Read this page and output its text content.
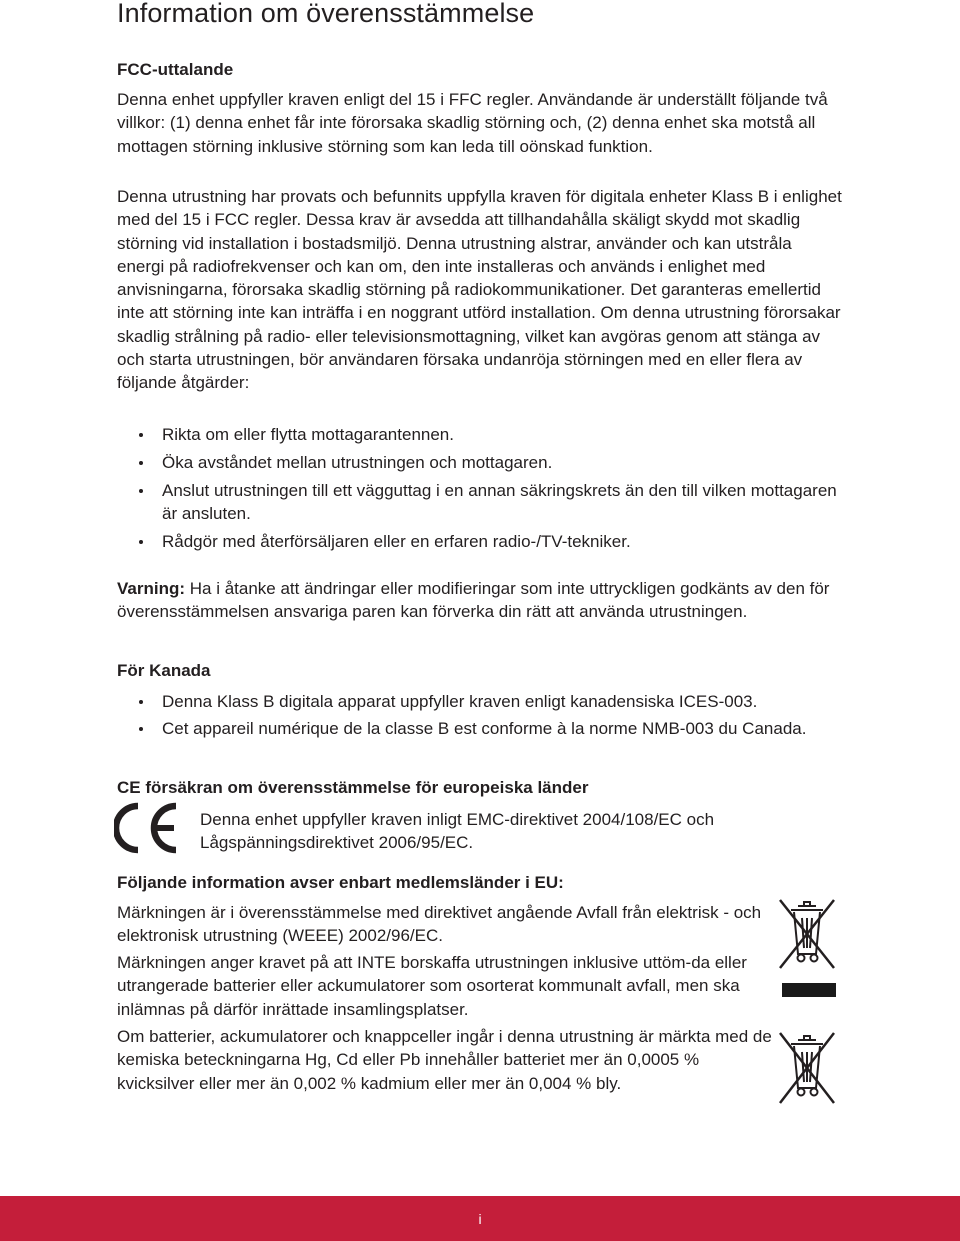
Information om överensstämmelse
FCC-uttalande
Denna enhet uppfyller kraven enligt del 15 i FFC regler. Användande är underställt följande två villkor: (1) denna enhet får inte förorsaka skadlig störning och, (2) denna enhet ska motstå all mottagen störning inklusive störning som kan leda till oönskad funktion.
Denna utrustning har provats och befunnits uppfylla kraven för digitala enheter Klass B i enlighet med del 15 i FCC regler. Dessa krav är avsedda att tillhandahålla skäligt skydd mot skadlig störning vid installation i bostadsmiljö. Denna utrustning alstrar, använder och kan utstråla energi på radiofrekvenser och kan om, den inte installeras och används i enlighet med anvisningarna, förorsaka skadlig störning på radiokommunikationer. Det garanteras emellertid inte att störning inte kan inträffa i en noggrant utförd installation. Om denna utrustning förorsakar skadlig strålning på radio- eller televisionsmottagning, vilket kan avgöras genom att stänga av och starta utrustningen, bör användaren försaka undanröja störningen med en eller flera av följande åtgärder:
Rikta om eller flytta mottagarantennen.
Öka avståndet mellan utrustningen och mottagaren.
Anslut utrustningen till ett vägguttag i en annan säkringskrets än den till vilken mottagaren är ansluten.
Rådgör med återförsäljaren eller en erfaren radio-/TV-tekniker.
Varning: Ha i åtanke att ändringar eller modifieringar som inte uttryckligen godkänts av den för överensstämmelsen ansvariga paren kan förverka din rätt att använda utrustningen.
För Kanada
Denna Klass B digitala apparat uppfyller kraven enligt kanadensiska ICES-003.
Cet appareil numérique de la classe B est conforme à la norme NMB-003 du Canada.
CE försäkran om överensstämmelse för europeiska länder
Denna enhet uppfyller kraven inligt EMC-direktivet 2004/108/EC och Lågspänningsdirektivet 2006/95/EC.
Följande information avser enbart medlemsländer i EU:
Märkningen är i överensstämmelse med direktivet angående Avfall från elektrisk - och elektronisk utrustning (WEEE) 2002/96/EC.
Märkningen anger kravet på att INTE borskaffa utrustningen inklusive uttöm-da eller utrangerade batterier eller ackumulatorer som osorterat kommunalt avfall, men ska inlämnas på därför inrättade insamlingsplatser.
Om batterier, ackumulatorer och knappceller ingår i denna utrustning är märkta med de kemiska beteckningarna Hg, Cd eller Pb innehåller batteriet mer än 0,0005 % kvicksilver eller mer än 0,002 % kadmium eller mer än 0,004 % bly.
i
